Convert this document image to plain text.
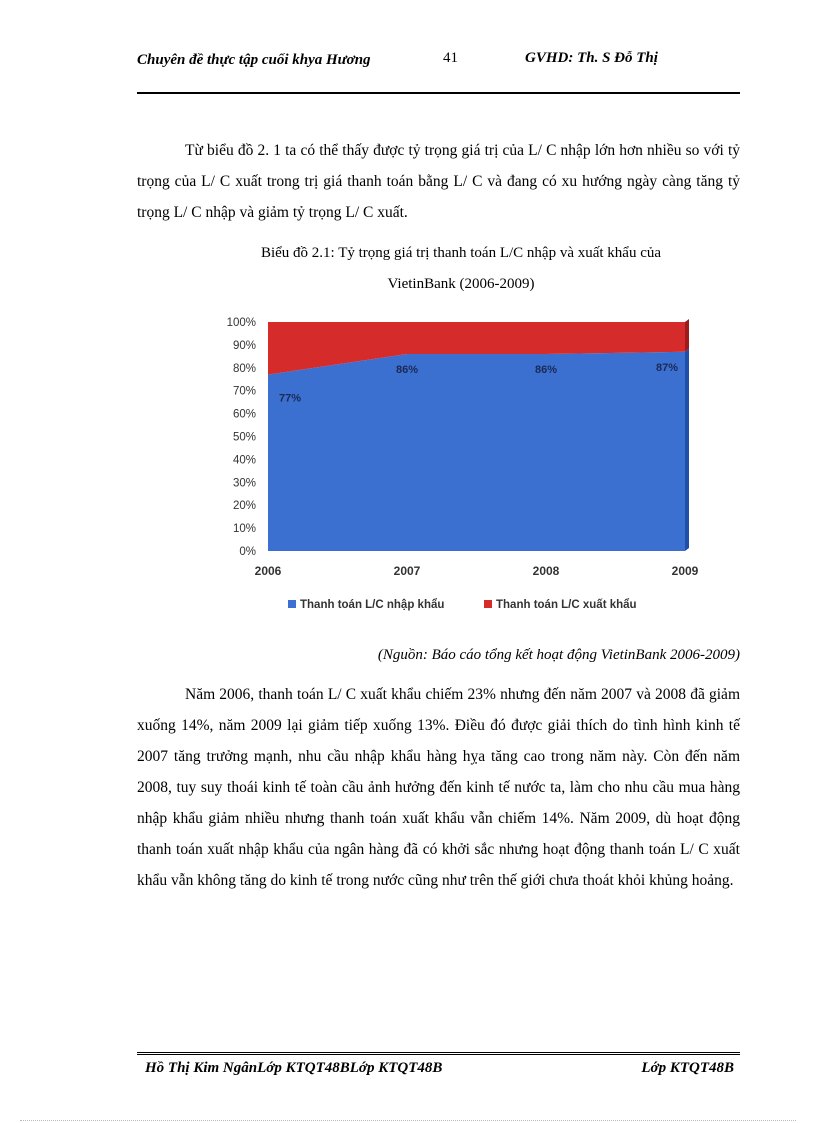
Chuyên đề thực tập cuối khya Hương	41	GVHD: Th. S Đỗ Thị

Từ biểu đồ 2. 1 ta có thể thấy được tỷ trọng giá trị của L/ C nhập lớn hơn nhiều so với tỷ trọng của L/ C xuất trong trị giá thanh toán bằng L/ C và đang có xu hướng ngày càng tăng tỷ trọng L/ C nhập và giảm tỷ trọng L/ C xuất.

Biểu đồ 2.1: Tỷ trọng giá trị thanh toán L/C nhập và xuất khẩu của
VietinBank (2006-2009)

0%
10%
20%
30%
40%
50%
60%
70%
80%
90%
100%
2006	2007	2008	2009
77%
86%	86%	87%
Thanh toán L/C nhập khẩu	Thanh toán L/C xuất khẩu

(Nguồn: Báo cáo tổng kết hoạt động VietinBank 2006-2009)

Năm 2006, thanh toán L/ C xuất khẩu chiếm 23% nhưng đến năm 2007 và 2008 đã giảm xuống 14%, năm 2009 lại giảm tiếp xuống 13%. Điều đó được giải thích do tình hình kinh tế 2007 tăng trưởng mạnh, nhu cầu nhập khẩu hàng hỵa tăng cao trong năm này. Còn đến năm 2008, tuy suy thoái kinh tế toàn cầu ảnh hưởng đến kinh tế nước ta, làm cho nhu cầu mua hàng nhập khẩu giảm nhiều nhưng thanh toán xuất khẩu vẫn chiếm 14%. Năm 2009, dù hoạt động thanh toán xuất nhập khẩu của ngân hàng đã có khởi sắc nhưng hoạt động thanh toán L/ C xuất khẩu vẫn không tăng do kinh tế trong nước cũng như trên thế giới chưa thoát khỏi khủng hoảng.

Hồ Thị Kim NgânLớp KTQT48BLớp KTQT48B	Lớp KTQT48B
